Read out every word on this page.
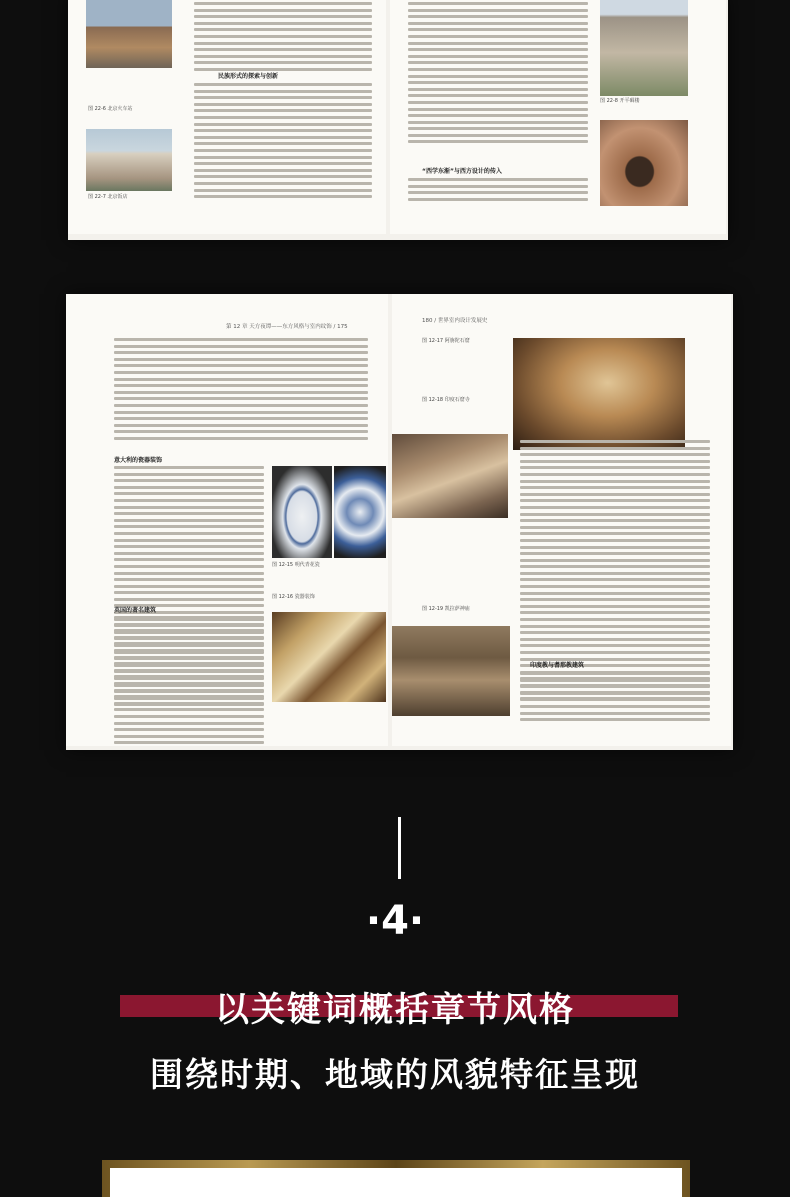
图 22-6 北京火车站
图 22-7 北京饭店
民族形式的探索与创新
“西学东渐”与西方设计的传入
图 22-8 开平碉楼
第 12 章 天方夜谭——东方风格与室内纹饰 / 175
意大利的瓷器装饰
英国的著名建筑
图 12-15 明代青花瓷
图 12-16 瓷器装饰
180 / 世界室内设计发展史
图 12-17 阿旃陀石窟
图 12-18 印度石窟寺
图 12-19 凯拉萨神庙
印度教与耆那教建筑
·4·
以关键词概括章节风格
围绕时期、地域的风貌特征呈现
